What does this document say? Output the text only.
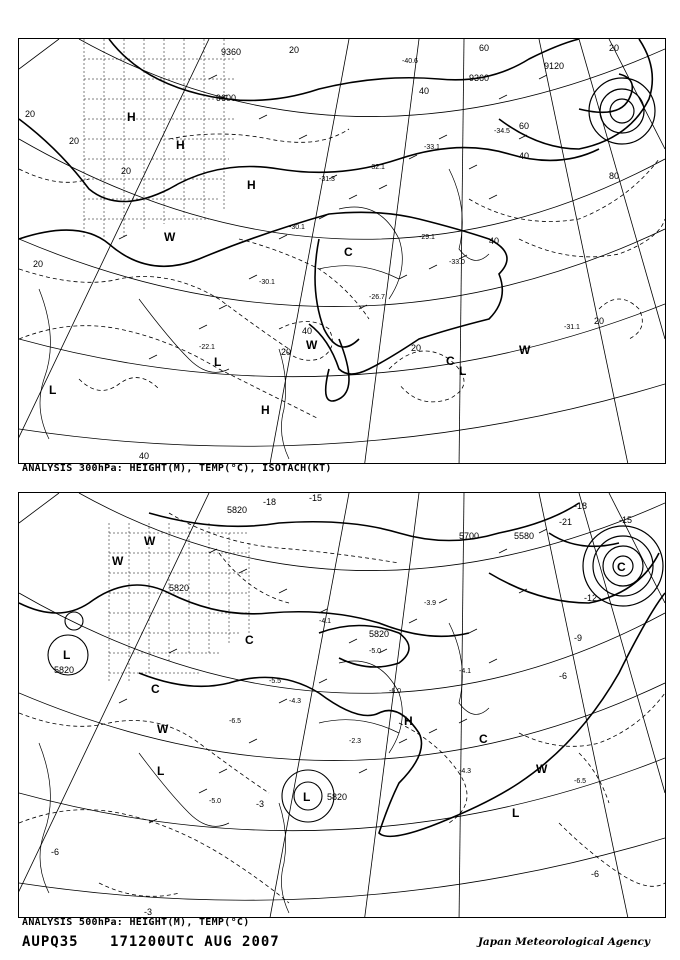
9360
9600
9360
9120
20
40
60
80
20
40
60
20
40
20
20
20
40
20	20
20
40
H
H
H
L
L
C
C
W
W
W
L
H
-40.6
-31.3
-32.1
-33.1
-34.5
-30.1
-29.1
-33.0
-26.7
-30.1
-31.1
-22.1
ANALYSIS 300hPa: HEIGHT(M), TEMP(°C), ISOTACH(KT)
5820
5700	5580
5820
5820
5820
5820
-18	-15
-18
-21	-15
-12
-9
-6
-3
-6
-6
-3
W
W
W
L
C
C
L
H
W
L
C
L
C
-4.1
-5.0
-3.9
-5.5
-6.5
-4.3
-2.3
-6.0
-4.1
-5.0
-4.3
-6.5
ANALYSIS 500hPa: HEIGHT(M), TEMP(°C)
AUPQ35 171200UTC AUG 2007	Japan Meteorological Agency
